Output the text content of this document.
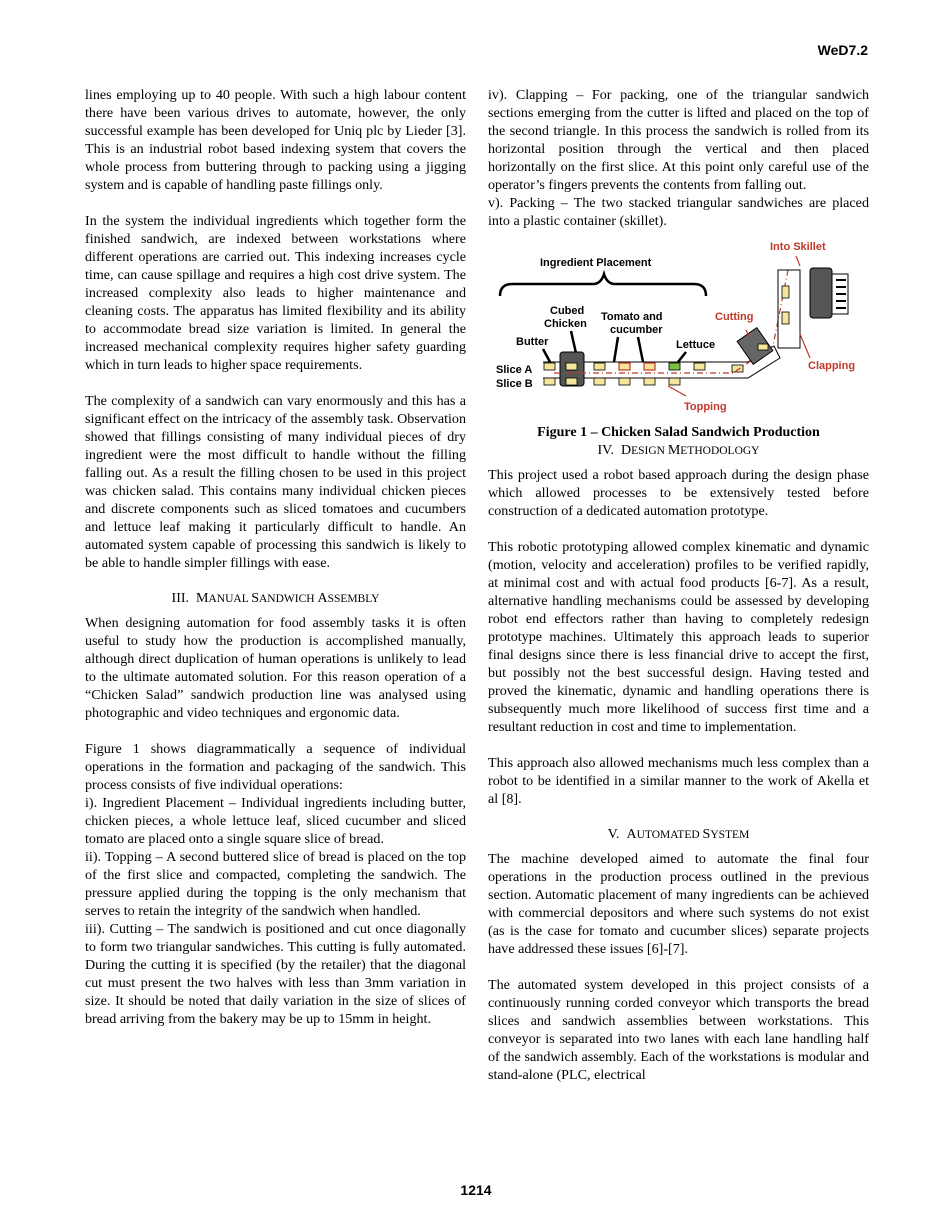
WeD7.2

lines employing up to 40 people. With such a high labour content there have been various drives to automate, however, the only successful example has been developed for Uniq plc by Lieder [3]. This is an industrial robot based indexing system that covers the whole process from buttering through to packing using a jigging system and is capable of handling paste fillings only.

In the system the individual ingredients which together form the finished sandwich, are indexed between workstations where different operations are carried out. This indexing increases cycle time, can cause spillage and requires a high cost drive system. The increased complexity also leads to higher maintenance and cleaning costs. The apparatus has limited flexibility and its ability to accommodate bread size variation is limited. In general the increased mechanical complexity requires higher safety guarding which in turn leads to higher space requirements.

The complexity of a sandwich can vary enormously and this has a significant effect on the intricacy of the assembly task. Observation showed that fillings consisting of many individual pieces of dry ingredient were the most difficult to handle without the filling falling out. As a result the filling chosen to be used in this project was chicken salad. This contains many individual chicken pieces and discrete components such as sliced tomatoes and cucumbers and lettuce leaf making it particularly difficult to handle. An automated system capable of processing this sandwich is likely to be able to handle simpler fillings with ease.

III. MANUAL SANDWICH ASSEMBLY

When designing automation for food assembly tasks it is often useful to study how the production is accomplished manually, although direct duplication of human operations is unlikely to lead to the ultimate automated solution. For this reason operation of a “Chicken Salad” sandwich production line was analysed using photographic and video techniques and ergonomic data.

Figure 1 shows diagrammatically a sequence of individual operations in the formation and packaging of the sandwich. This process consists of five individual operations:

i). Ingredient Placement – Individual ingredients including butter, chicken pieces, a whole lettuce leaf, sliced cucumber and sliced tomato are placed onto a single square slice of bread.

ii). Topping – A second buttered slice of bread is placed on the top of the first slice and compacted, completing the sandwich. The pressure applied during the topping is the only mechanism that serves to retain the integrity of the sandwich when handled.

iii). Cutting – The sandwich is positioned and cut once diagonally to form two triangular sandwiches. This cutting is fully automated. During the cutting it is specified (by the retailer) that the diagonal cut must present the two halves with less than 3mm variation in size. It should be noted that daily variation in the size of slices of bread arriving from the bakery may be up to 15mm in height.

iv). Clapping – For packing, one of the triangular sandwich sections emerging from the cutter is lifted and placed on the top of the second triangle. In this process the sandwich is rolled from its horizontal position through the vertical and then placed horizontally on the first slice. At this point only careful use of the operator’s fingers prevents the contents from falling out.

v). Packing – The two stacked triangular sandwiches are placed into a plastic container (skillet).

Ingredient Placement
Cubed
Chicken
Tomato and
cucumber
Butter	Lettuce
Slice A
Slice B
Cutting
Into Skillet
Clapping
Topping

Figure 1 – Chicken Salad Sandwich Production

IV. DESIGN METHODOLOGY

This project used a robot based approach during the design phase which allowed processes to be extensively tested before construction of a dedicated automation prototype.

This robotic prototyping allowed complex kinematic and dynamic (motion, velocity and acceleration) profiles to be verified rapidly, at minimal cost and with actual food products [6-7]. As a result, alternative handling mechanisms could be assessed by developing robot end effectors rather than having to completely redesign prototype machines. Ultimately this approach leads to superior final designs since there is less financial drive to accept the first, but possibly not the best successful design. Having tested and proved the kinematic, dynamic and handling operations there is subsequently much more likelihood of success first time and a resultant reduction in cost and time to implementation.

This approach also allowed mechanisms much less complex than a robot to be identified in a similar manner to the work of Akella et al [8].

V. AUTOMATED SYSTEM

The machine developed aimed to automate the final four operations in the production process outlined in the previous section. Automatic placement of many ingredients can be achieved with commercial depositors and where such systems do not exist (as is the case for tomato and cucumber slices) separate projects have addressed these issues [6]-[7].

The automated system developed in this project consists of a continuously running corded conveyor which transports the bread slices and sandwich assemblies between workstations. This conveyor is separated into two lanes with each lane handling half of the sandwich assembly. Each of the workstations is modular and stand-alone (PLC, electrical

1214
